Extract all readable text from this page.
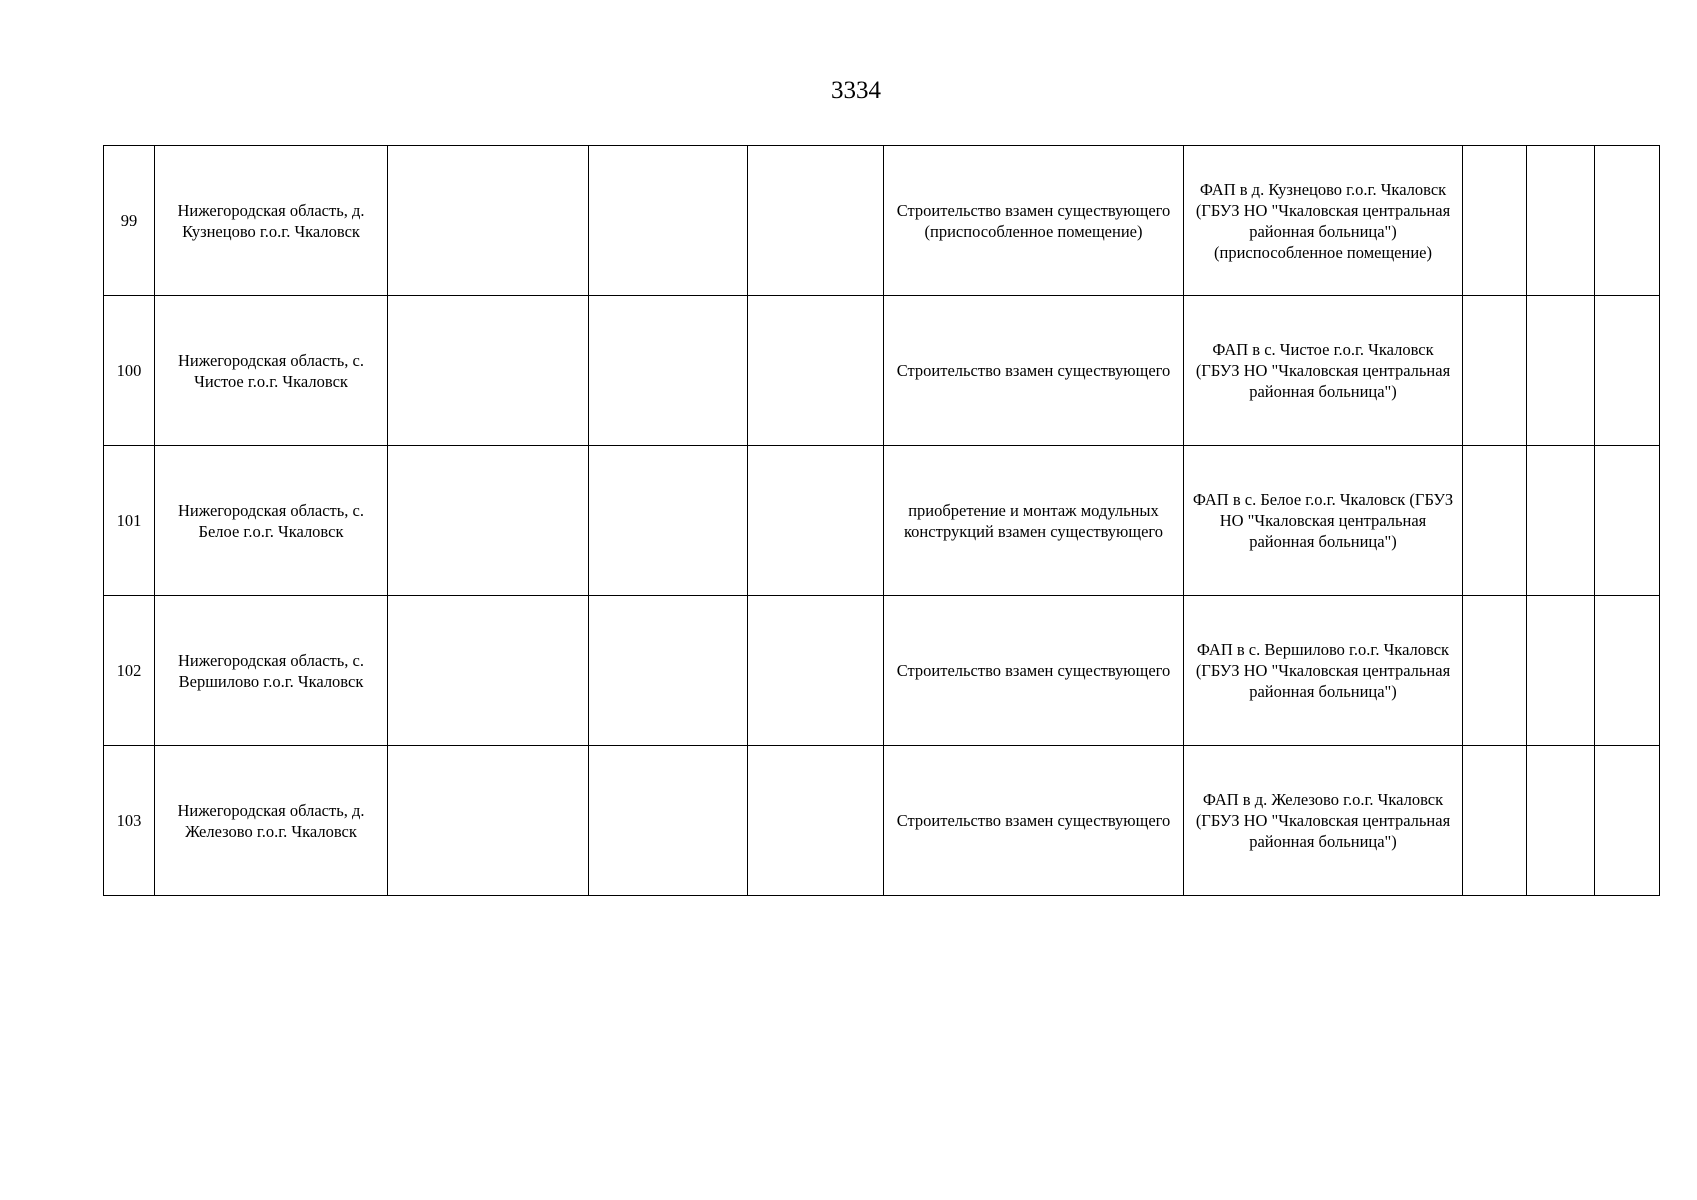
3334
99	Нижегородская область, д. Кузнецово г.о.г. Чкаловск				Строительство взамен существующего (приспособленное помещение)	ФАП в д. Кузнецово г.о.г. Чкаловск (ГБУЗ НО "Чкаловская центральная районная больница") (приспособленное помещение)			
100	Нижегородская область, с. Чистое г.о.г. Чкаловск				Строительство взамен существующего	ФАП в с. Чистое г.о.г. Чкаловск (ГБУЗ НО "Чкаловская центральная районная больница")			
101	Нижегородская область, с. Белое г.о.г. Чкаловск				приобретение и монтаж модульных конструкций взамен существующего	ФАП в с. Белое г.о.г. Чкаловск (ГБУЗ НО "Чкаловская центральная районная больница")			
102	Нижегородская область, с. Вершилово г.о.г. Чкаловск				Строительство взамен существующего	ФАП в с. Вершилово г.о.г. Чкаловск (ГБУЗ НО "Чкаловская центральная районная больница")			
103	Нижегородская область, д. Железово г.о.г. Чкаловск				Строительство взамен существующего	ФАП в д. Железово г.о.г. Чкаловск (ГБУЗ НО "Чкаловская центральная районная больница")			
